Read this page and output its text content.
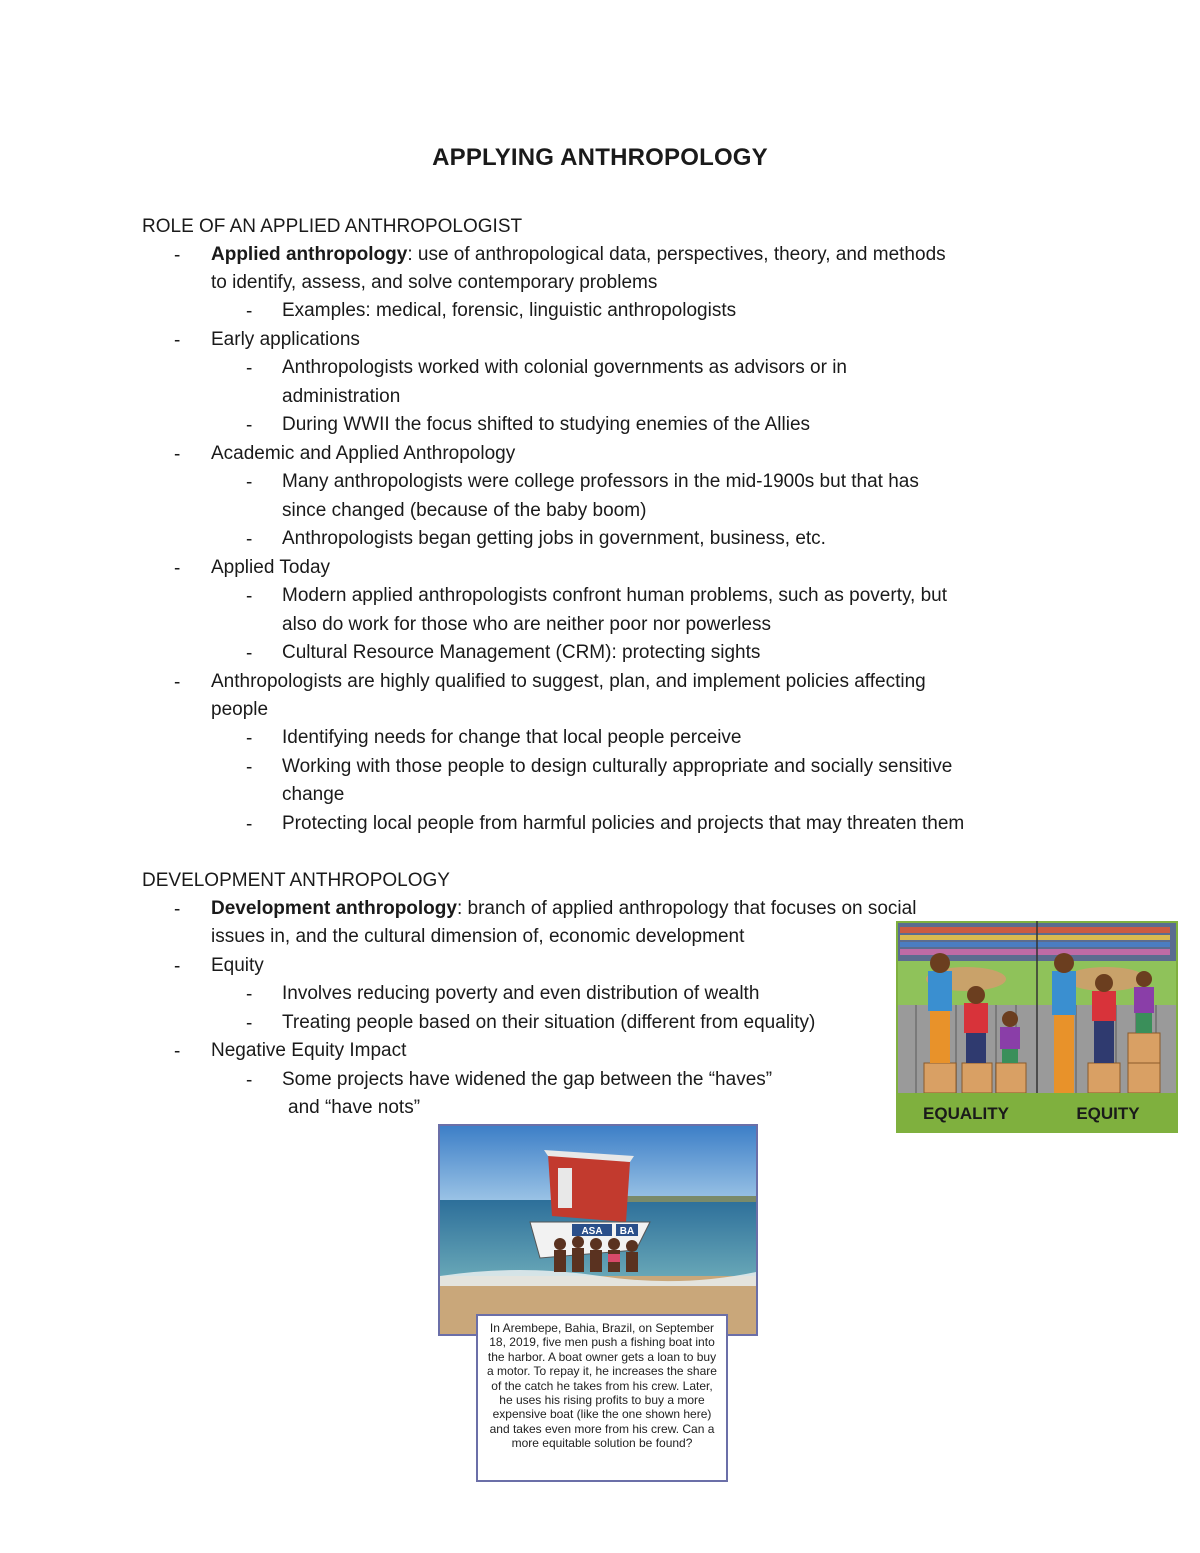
APPLYING ANTHROPOLOGY
ROLE OF AN APPLIED ANTHROPOLOGIST
- Applied anthropology: use of anthropological data, perspectives, theory, and methods
to identify, assess, and solve contemporary problems
- Examples: medical, forensic, linguistic anthropologists
- Early applications
- Anthropologists worked with colonial governments as advisors or in
administration
- During WWII the focus shifted to studying enemies of the Allies
- Academic and Applied Anthropology
- Many anthropologists were college professors in the mid-1900s but that has
since changed (because of the baby boom)
- Anthropologists began getting jobs in government, business, etc.
- Applied Today
- Modern applied anthropologists confront human problems, such as poverty, but
also do work for those who are neither poor nor powerless
- Cultural Resource Management (CRM): protecting sights
- Anthropologists are highly qualified to suggest, plan, and implement policies affecting
people
- Identifying needs for change that local people perceive
- Working with those people to design culturally appropriate and socially sensitive
change
- Protecting local people from harmful policies and projects that may threaten them
DEVELOPMENT ANTHROPOLOGY
- Development anthropology: branch of applied anthropology that focuses on social
issues in, and the cultural dimension of, economic development
- Equity
- Involves reducing poverty and even distribution of wealth
- Treating people based on their situation (different from equality)
- Negative Equity Impact
- Some projects have widened the gap between the “haves”
and “have nots”	EQUALITY	EQUITY
ASA BA
In Arembepe, Bahia, Brazil, on September 18, 2019, five men push a fishing boat into the harbor. A boat owner gets a loan to buy a motor. To repay it, he increases the share of the catch he takes from his crew. Later, he uses his rising profits to buy a more expensive boat (like the one shown here) and takes even more from his crew. Can a more equitable solution be found?
